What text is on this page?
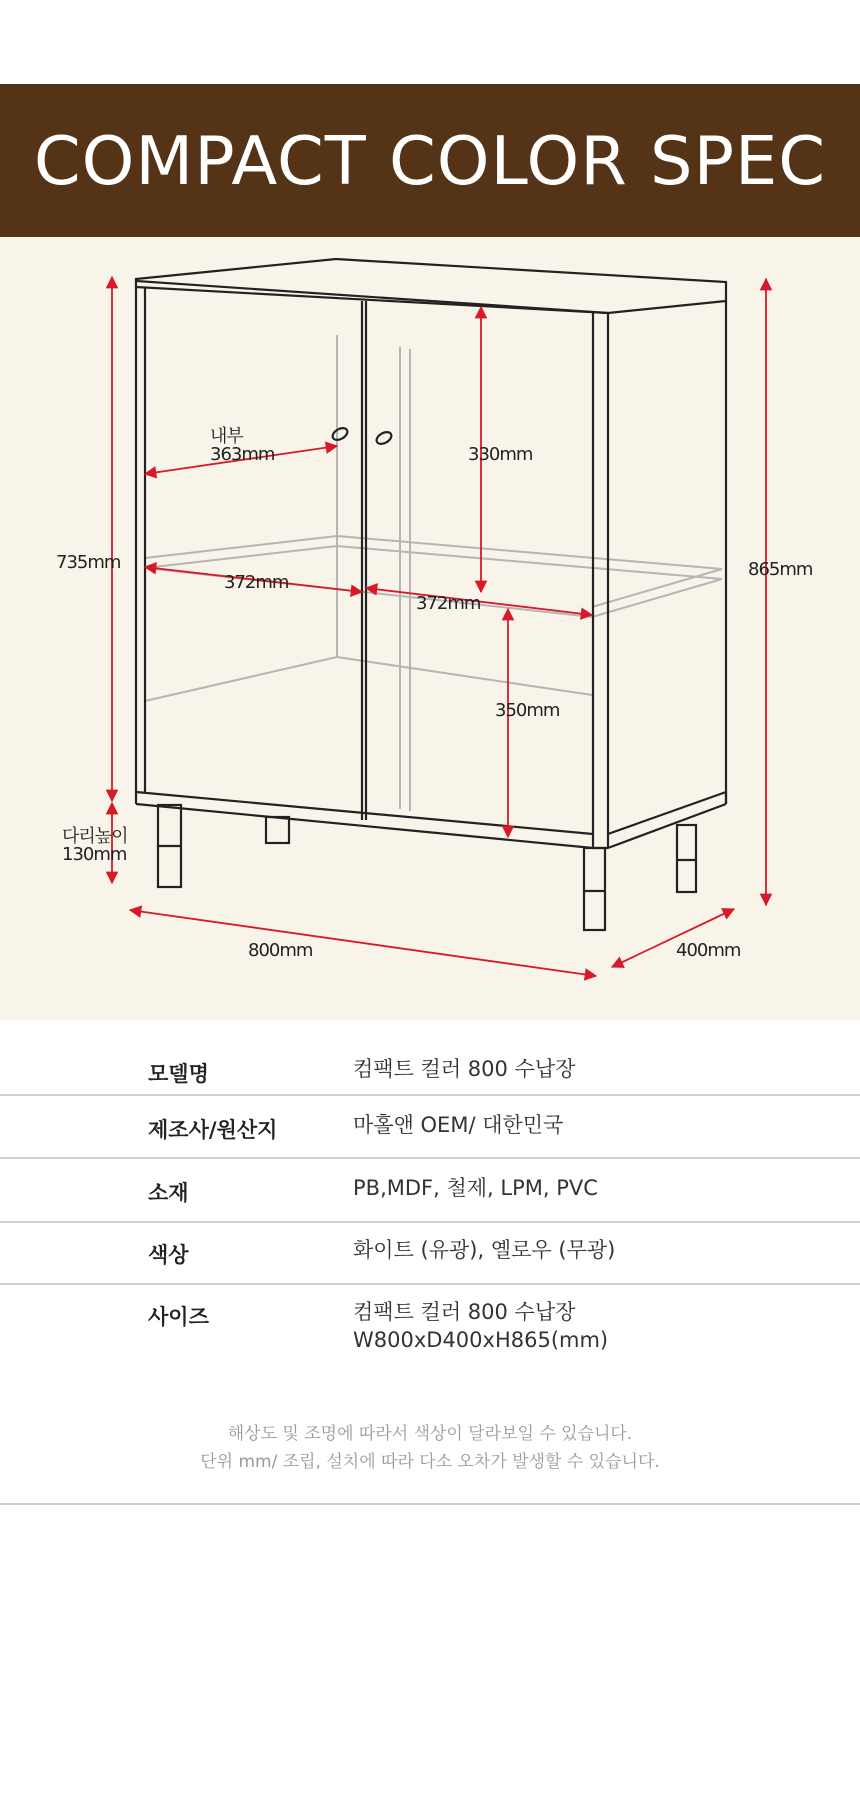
COMPACT COLOR SPEC
내부
363mm
735mm	865mm
372mm
372mm
330mm
350mm
다리높이
130mm
800mm	400mm
모델명	컴팩트 컬러 800 수납장
제조사/원산지	마홀앤 OEM/ 대한민국
소재	PB,MDF, 철제, LPM, PVC
색상	화이트 (유광), 옐로우 (무광)
사이즈	컴팩트 컬러 800 수납장
W800xD400xH865(mm)
해상도 및 조명에 따라서 색상이 달라보일 수 있습니다.
단위 mm/ 조립, 설치에 따라 다소 오차가 발생할 수 있습니다.
